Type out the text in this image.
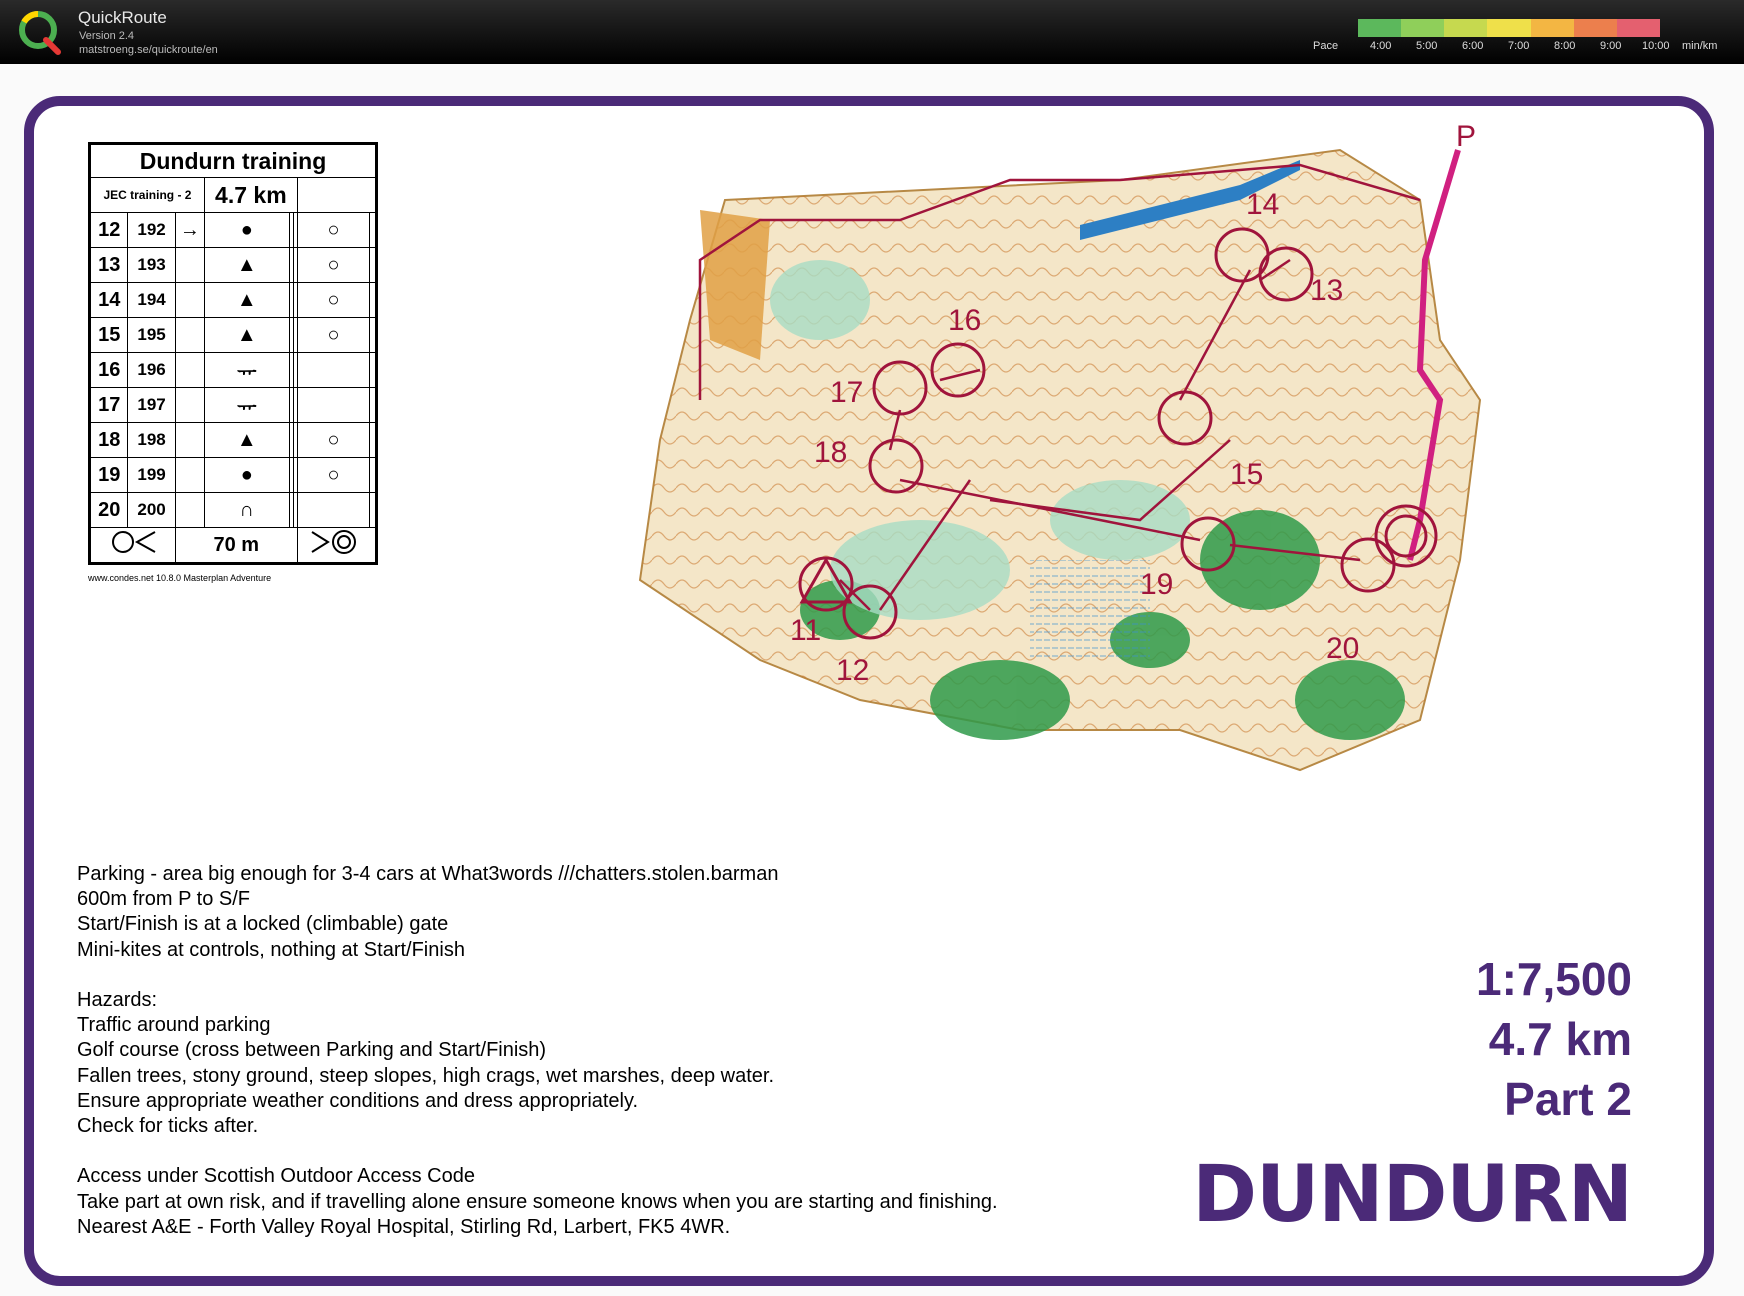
QuickRoute
Version 2.4
matstroeng.se/quickroute/en	Pace	4:00 5:00 6:00 7:00 8:00 9:00 10:00 min/km
Dundurn training							
JEC training - 2			4.7 km				
12	192	→	●			○	
13	193		▲			○	
14	194		▲			○	
15	195		▲			○	
16	196		ᅲ				
17	197		ᅲ				
18	198		▲			○	
19	199		●			○	
20	200		∩				
	70 m	
www.condes.net 10.8.0 Masterplan Adventure
P
11
12
13
14
15
16
17
18
19
20
Parking - area big enough for 3-4 cars at What3words ///chatters.stolen.barman
600m from P to S/F
Start/Finish is at a locked (climbable) gate
Mini-kites at controls, nothing at Start/Finish

Hazards:
Traffic around parking
Golf course (cross between Parking and Start/Finish)
Fallen trees, stony ground, steep slopes, high crags, wet marshes, deep water.
Ensure appropriate weather conditions and dress appropriately.
Check for ticks after.

Access under Scottish Outdoor Access Code
Take part at own risk, and if travelling alone ensure someone knows when you are starting and finishing.
Nearest A&E - Forth Valley Royal Hospital, Stirling Rd, Larbert, FK5 4WR.
1:7,500
4.7 km
Part 2
DUNDURN
